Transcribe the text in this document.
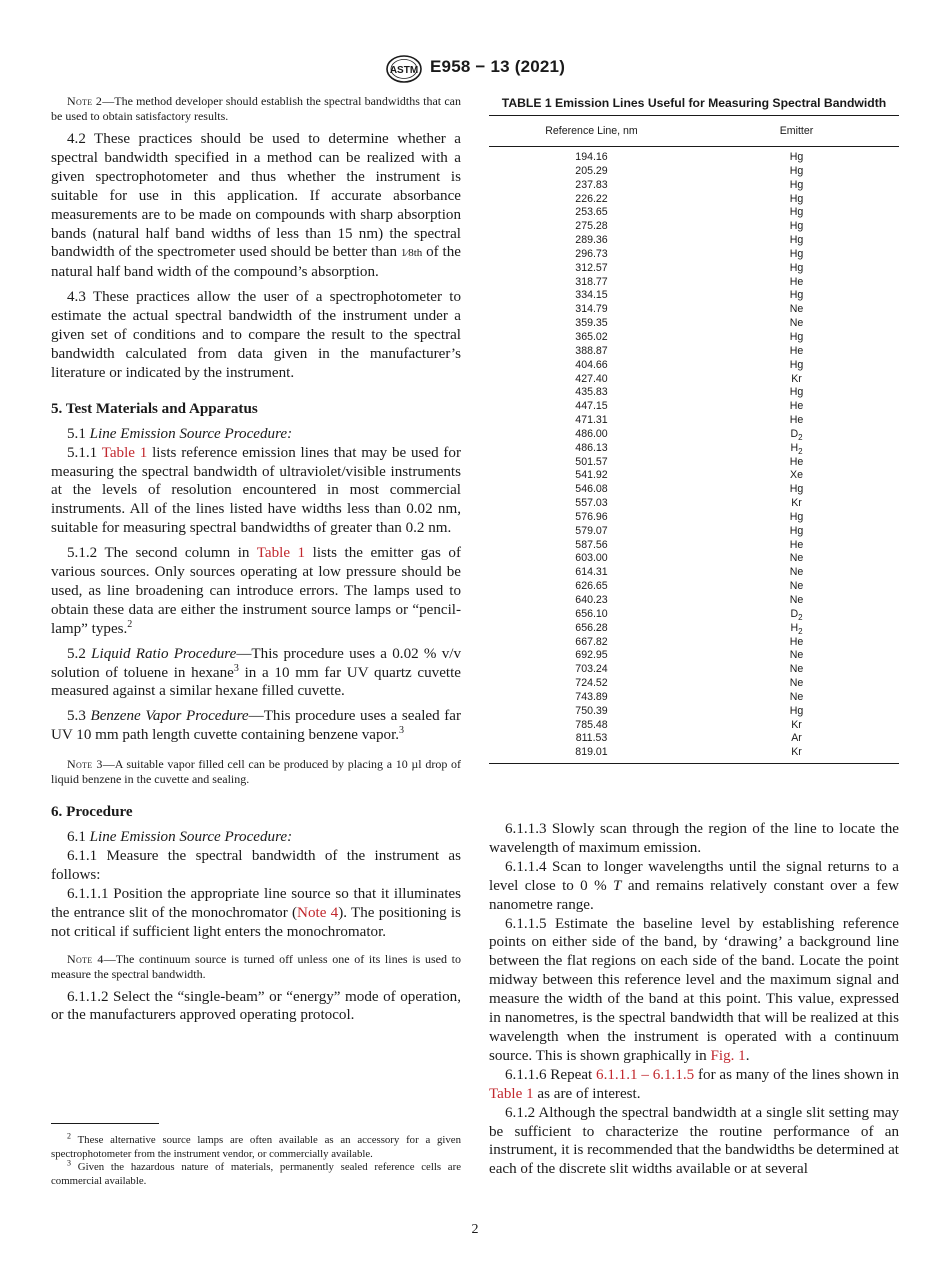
ASTM E958 − 13 (2021)

Note 2—The method developer should establish the spectral bandwidths that can be used to obtain satisfactory results.

4.2 These practices should be used to determine whether a spectral bandwidth specified in a method can be realized with a given spectrophotometer and thus whether the instrument is suitable for use in this application. If accurate absorbance measurements are to be made on compounds with sharp absorption bands (natural half band widths of less than 15 nm) the spectral bandwidth of the spectrometer used should be better than 1⁄8th of the natural half band width of the compound’s absorption.

4.3 These practices allow the user of a spectrophotometer to estimate the actual spectral bandwidth of the instrument under a given set of conditions and to compare the result to the spectral bandwidth calculated from data given in the manufacturer’s literature or indicated by the instrument.

5. Test Materials and Apparatus

5.1 Line Emission Source Procedure:

5.1.1 Table 1 lists reference emission lines that may be used for measuring the spectral bandwidth of ultraviolet/visible instruments at the levels of resolution encountered in most commercial instruments. All of the lines listed have widths less than 0.02 nm, suitable for measuring spectral bandwidths of greater than 0.2 nm.

5.1.2 The second column in Table 1 lists the emitter gas of various sources. Only sources operating at low pressure should be used, as line broadening can introduce errors. The lamps used to obtain these data are either the instrument source lamps or “pencil-lamp” types.$^2$

5.2 Liquid Ratio Procedure—This procedure uses a 0.02 % v/v solution of toluene in hexane$^3$ in a 10 mm far UV quartz cuvette measured against a similar hexane filled cuvette.

5.3 Benzene Vapor Procedure—This procedure uses a sealed far UV 10 mm path length cuvette containing benzene vapor.$^3$

Note 3—A suitable vapor filled cell can be produced by placing a 10 µl drop of liquid benzene in the cuvette and sealing.

6. Procedure

6.1 Line Emission Source Procedure:

6.1.1 Measure the spectral bandwidth of the instrument as follows:

6.1.1.1 Position the appropriate line source so that it illuminates the entrance slit of the monochromator (Note 4). The positioning is not critical if sufficient light enters the monochromator.

Note 4—The continuum source is turned off unless one of its lines is used to measure the spectral bandwidth.

6.1.1.2 Select the “single-beam” or “energy” mode of operation, or the manufacturers approved operating protocol.

TABLE 1 Emission Lines Useful for Measuring Spectral Bandwidth
Reference Line, nm	Emitter
194.16	Hg
205.29	Hg
237.83	Hg
226.22	Hg
253.65	Hg
275.28	Hg
289.36	Hg
296.73	Hg
312.57	Hg
318.77	He
334.15	Hg
314.79	Ne
359.35	Ne
365.02	Hg
388.87	He
404.66	Hg
427.40	Kr
435.83	Hg
447.15	He
471.31	He
486.00	$D_2$
486.13	$H_2$
501.57	He
541.92	Xe
546.08	Hg
557.03	Kr
576.96	Hg
579.07	Hg
587.56	He
603.00	Ne
614.31	Ne
626.65	Ne
640.23	Ne
656.10	$D_2$
656.28	$H_2$
667.82	He
692.95	Ne
703.24	Ne
724.52	Ne
743.89	Ne
750.39	Hg
785.48	Kr
811.53	Ar
819.01	Kr

6.1.1.3 Slowly scan through the region of the line to locate the wavelength of maximum emission.

6.1.1.4 Scan to longer wavelengths until the signal returns to a level close to 0 % T and remains relatively constant over a few nanometre range.

6.1.1.5 Estimate the baseline level by establishing reference points on either side of the band, by ‘drawing’ a background line between the flat regions on each side of the band. Locate the point midway between this reference level and the maximum signal and measure the width of the band at this point. This value, expressed in nanometres, is the spectral bandwidth that will be realized at this wavelength when the instrument is operated with a continuum source. This is shown graphically in Fig. 1.

6.1.1.6 Repeat 6.1.1.1 – 6.1.1.5 for as many of the lines shown in Table 1 as are of interest.

6.1.2 Although the spectral bandwidth at a single slit setting may be sufficient to characterize the routine performance of an instrument, it is recommended that the bandwidths be determined at each of the discrete slit widths available or at several

$^2$ These alternative source lamps are often available as an accessory for a given spectrophotometer from the instrument vendor, or commercially available.

$^3$ Given the hazardous nature of materials, permanently sealed reference cells are commercial available.

2
